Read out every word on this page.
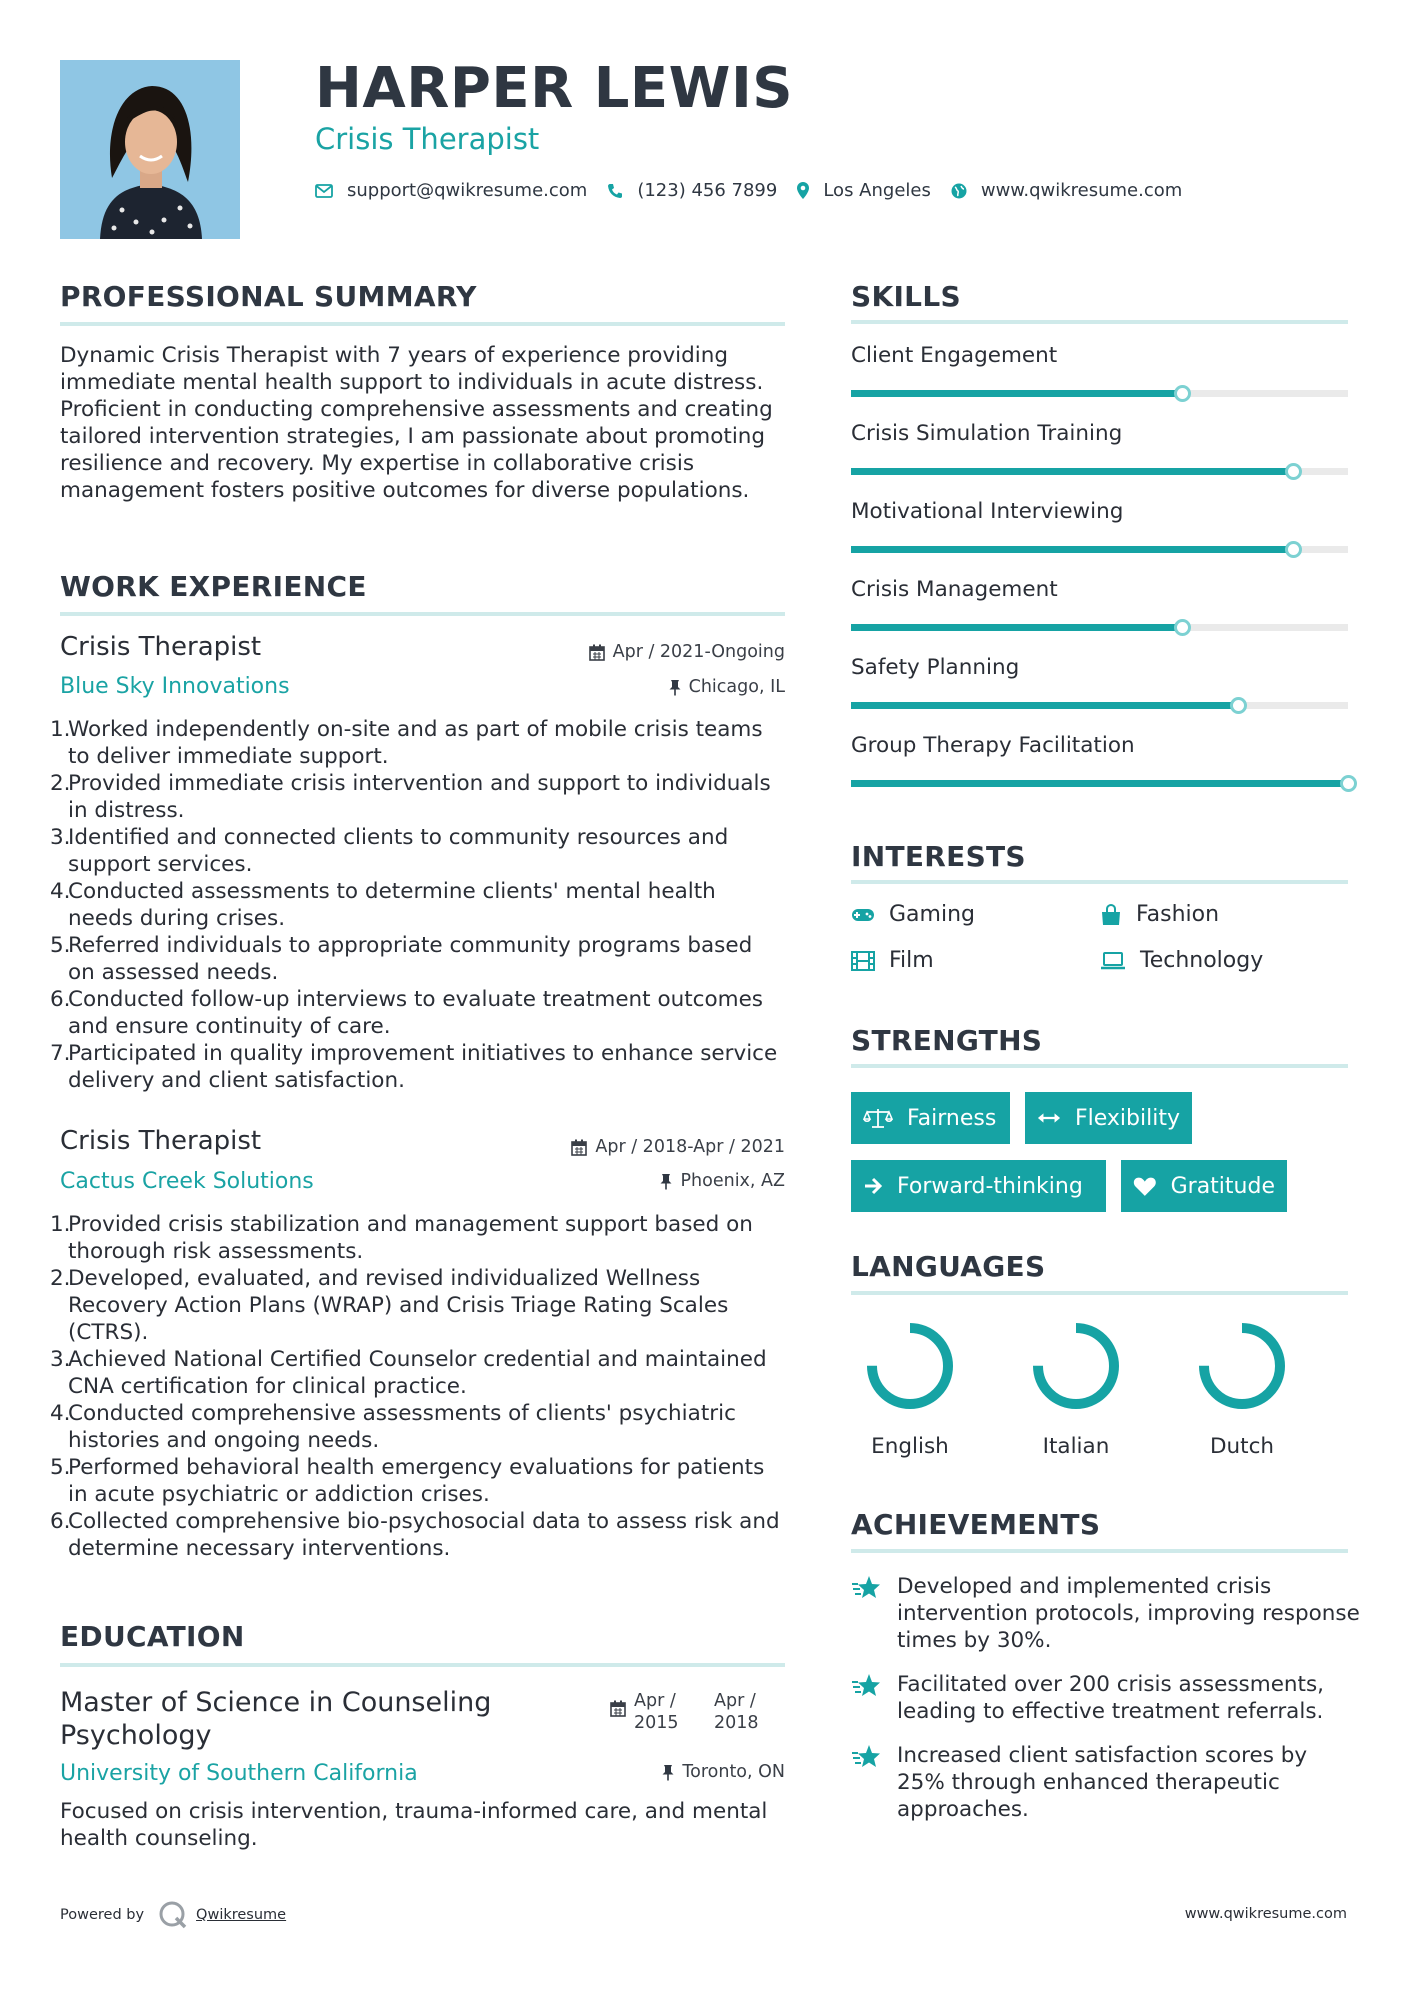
HARPER LEWIS
Crisis Therapist
support@qwikresume.com	(123) 456 7899	Los Angeles	www.qwikresume.com
PROFESSIONAL SUMMARY
Dynamic Crisis Therapist with 7 years of experience providing immediate mental health support to individuals in acute distress. Proficient in conducting comprehensive assessments and creating tailored intervention strategies, I am passionate about promoting resilience and recovery. My expertise in collaborative crisis management fosters positive outcomes for diverse populations.
WORK EXPERIENCE
Crisis Therapist	Apr / 2021-Ongoing
Blue Sky Innovations	Chicago, IL
1.
Worked independently on-site and as part of mobile crisis teams to deliver immediate support.
2.
Provided immediate crisis intervention and support to individuals in distress.
3.
Identified and connected clients to community resources and support services.
4.
Conducted assessments to determine clients' mental health needs during crises.
5.
Referred individuals to appropriate community programs based on assessed needs.
6.
Conducted follow-up interviews to evaluate treatment outcomes and ensure continuity of care.
7.
Participated in quality improvement initiatives to enhance service delivery and client satisfaction.
Crisis Therapist	Apr / 2018-Apr / 2021
Cactus Creek Solutions	Phoenix, AZ
1.
Provided crisis stabilization and management support based on thorough risk assessments.
2.
Developed, evaluated, and revised individualized Wellness Recovery Action Plans (WRAP) and Crisis Triage Rating Scales (CTRS).
3.
Achieved National Certified Counselor credential and maintained CNA certification for clinical practice.
4.
Conducted comprehensive assessments of clients' psychiatric histories and ongoing needs.
5.
Performed behavioral health emergency evaluations for patients in acute psychiatric or addiction crises.
6.
Collected comprehensive bio-psychosocial data to assess risk and determine necessary interventions.
EDUCATION
Master of Science in Counseling Psychology
Apr / 2015
Apr / 2018
University of Southern California	Toronto, ON
Focused on crisis intervention, trauma-informed care, and mental health counseling.
SKILLS
Client Engagement
Crisis Simulation Training
Motivational Interviewing
Crisis Management
Safety Planning
Group Therapy Facilitation
INTERESTS
Gaming	Fashion
Film	Technology
STRENGTHS
Fairness	Flexibility
Forward-thinking	Gratitude
LANGUAGES
English	Italian	Dutch
ACHIEVEMENTS
Developed and implemented crisis intervention protocols, improving response times by 30%.
Facilitated over 200 crisis assessments, leading to effective treatment referrals.
Increased client satisfaction scores by 25% through enhanced therapeutic approaches.
Powered by	Qwikresume	www.qwikresume.com
